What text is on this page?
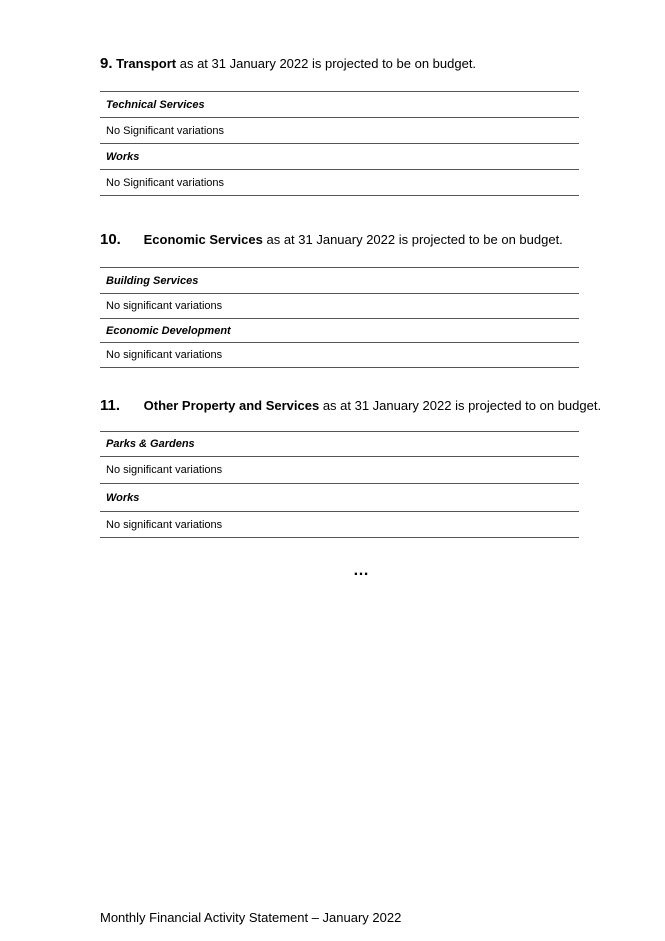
9. Transport as at 31 January 2022 is projected to be on budget.
Technical Services
No Significant variations
Works
No Significant variations
10. Economic Services as at 31 January 2022 is projected to be on budget.
Building Services
No significant variations
Economic Development
No significant variations
11. Other Property and Services as at 31 January 2022 is projected to on budget.
Parks & Gardens
No significant variations
Works
No significant variations
…
Monthly Financial Activity Statement – January 2022
